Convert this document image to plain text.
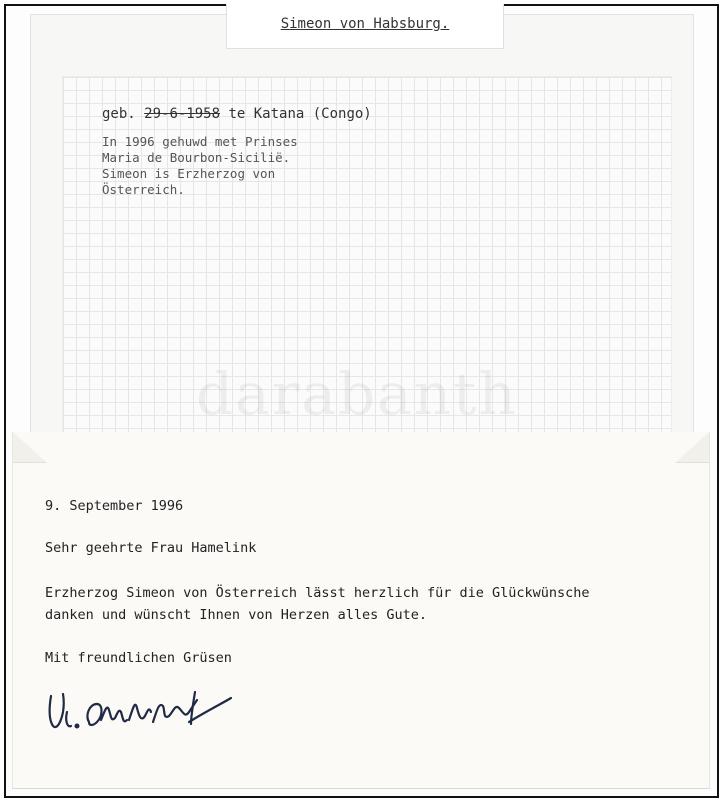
Simeon von Habsburg.
geb. 29-6-1958 te Katana (Congo)
In 1996 gehuwd met Prinses
Maria de Bourbon-Sicilië.
Simeon is Erzherzog von
Österreich.
darabanth
9. September 1996
Sehr geehrte Frau Hamelink
Erzherzog Simeon von Österreich lässt herzlich für die Glückwünsche
danken und wünscht Ihnen von Herzen alles Gute.
Mit freundlichen Grüsen
